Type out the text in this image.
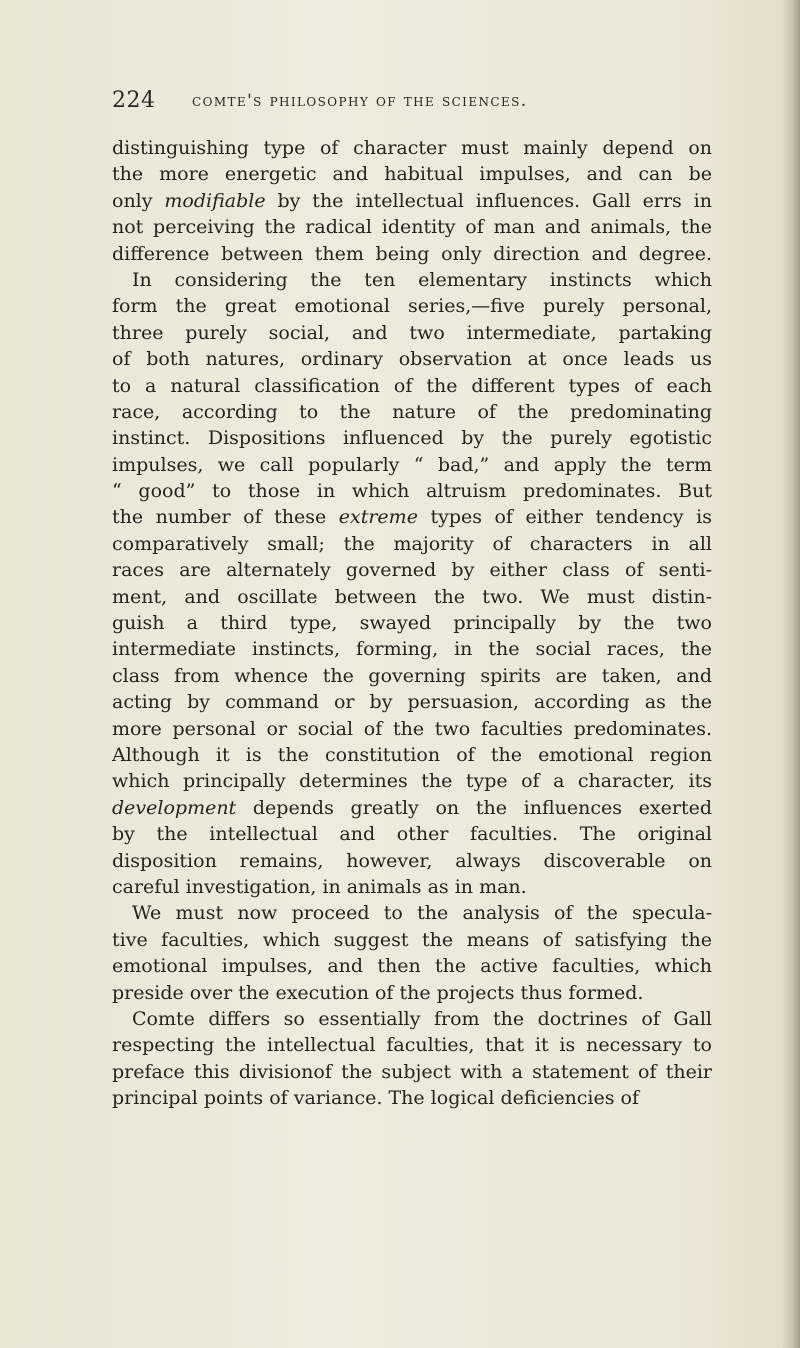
224 comte's philosophy of the sciences.
distinguishing type of character must mainly depend on
the more energetic and habitual impulses, and can be
only modifiable by the intellectual influences. Gall errs in
not perceiving the radical identity of man and animals, the
difference between them being only direction and degree.
In considering the ten elementary instincts which
form the great emotional series,—five purely personal,
three purely social, and two intermediate, partaking
of both natures, ordinary observation at once leads us
to a natural classification of the different types of each
race, according to the nature of the predominating
instinct. Dispositions influenced by the purely egotistic
impulses, we call popularly “ bad,” and apply the term
“ good” to those in which altruism predominates. But
the number of these extreme types of either tendency is
comparatively small; the majority of characters in all
races are alternately governed by either class of senti-
ment, and oscillate between the two. We must distin-
guish a third type, swayed principally by the two
intermediate instincts, forming, in the social races, the
class from whence the governing spirits are taken, and
acting by command or by persuasion, according as the
more personal or social of the two faculties predominates.
Although it is the constitution of the emotional region
which principally determines the type of a character, its
development depends greatly on the influences exerted
by the intellectual and other faculties. The original
disposition remains, however, always discoverable on
careful investigation, in animals as in man.
We must now proceed to the analysis of the specula-
tive faculties, which suggest the means of satisfying the
emotional impulses, and then the active faculties, which
preside over the execution of the projects thus formed.
Comte differs so essentially from the doctrines of Gall
respecting the intellectual faculties, that it is necessary to
preface this divisionof the subject with a statement of their
principal points of variance. The logical deficiencies of
